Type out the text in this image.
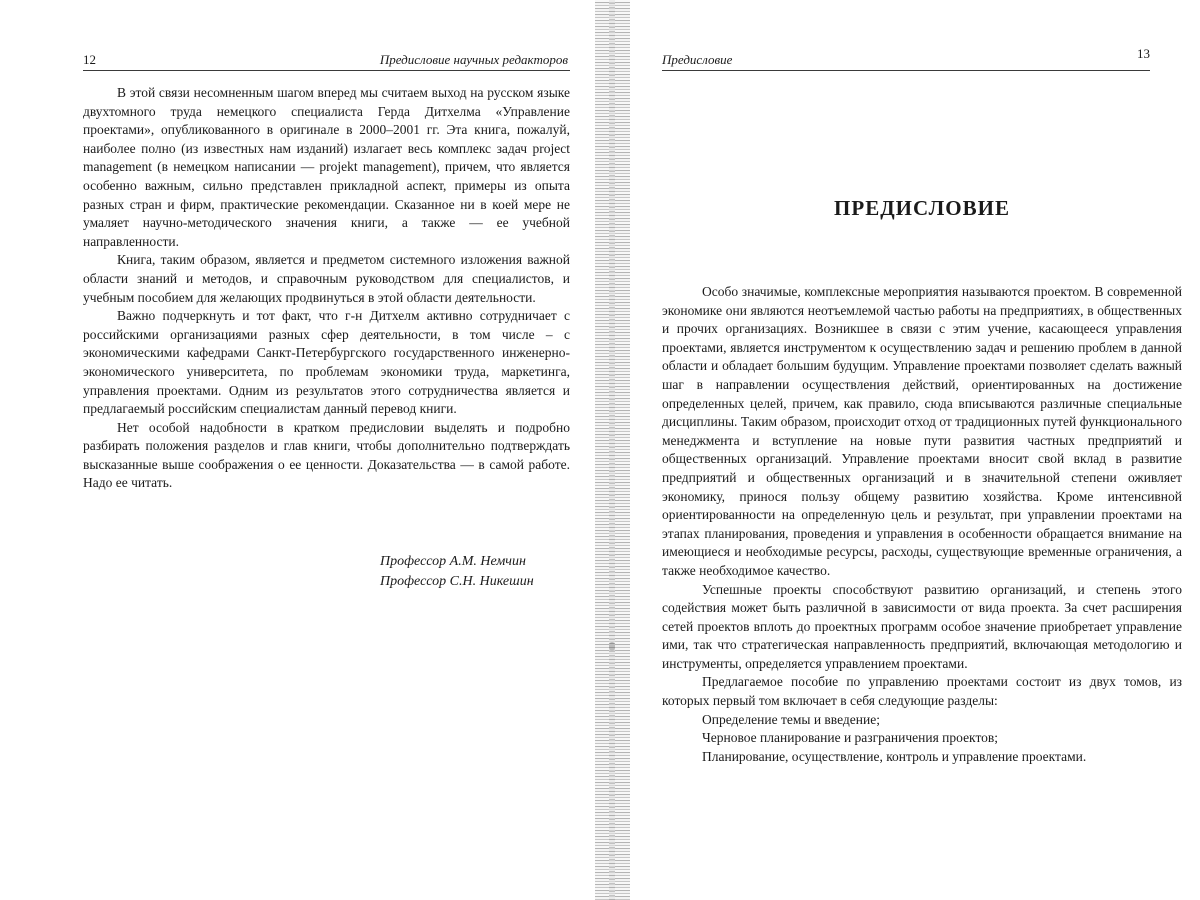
12	Предисловие научных редакторов

В этой связи несомненным шагом вперед мы считаем выход на русском языке двухтомного труда немецкого специалиста Герда Дитхелма «Управление проектами», опубликованного в оригинале в 2000–2001 гг. Эта книга, пожалуй, наиболее полно (из известных нам изданий) излагает весь комплекс задач project management (в немецком написании — projekt management), причем, что является особенно важным, сильно представлен прикладной аспект, примеры из опыта разных стран и фирм, практические рекомендации. Сказанное ни в коей мере не умаляет научно-методического значения книги, а также — ее учебной направленности.

Книга, таким образом, является и предметом системного изложения важной области знаний и методов, и справочным руководством для специалистов, и учебным пособием для желающих продвинуться в этой области деятельности.

Важно подчеркнуть и тот факт, что г-н Дитхелм активно сотрудничает с российскими организациями разных сфер деятельности, в том числе – с экономическими кафедрами Санкт-Петербургского государственного инженерно-экономического университета, по проблемам экономики труда, маркетинга, управления проектами. Одним из результатов этого сотрудничества является и предлагаемый российским специалистам данный перевод книги.

Нет особой надобности в кратком предисловии выделять и подробно разбирать положения разделов и глав книги, чтобы дополнительно подтверждать высказанные выше соображения о ее ценности. Доказательства — в самой работе. Надо ее читать.

Профессор А.М. Немчин
Профессор С.Н. Никешин
Предисловие	13
ПРЕДИСЛОВИЕ

Особо значимые, комплексные мероприятия называются проектом. В современной экономике они являются неотъемлемой частью работы на предприятиях, в общественных и прочих организациях. Возникшее в связи с этим учение, касающееся управления проектами, является инструментом к осуществлению задач и решению проблем в данной области и обладает большим будущим. Управление проектами позволяет сделать важный шаг в направлении осуществления действий, ориентированных на достижение определенных целей, причем, как правило, сюда вписываются различные специальные дисциплины. Таким образом, происходит отход от традиционных путей функционального менеджмента и вступление на новые пути развития частных предприятий и общественных организаций. Управление проектами вносит свой вклад в развитие предприятий и общественных организаций и в значительной степени оживляет экономику, принося пользу общему развитию хозяйства. Кроме интенсивной ориентированности на определенную цель и результат, при управлении проектами на этапах планирования, проведения и управления в особенности обращается внимание на имеющиеся и необходимые ресурсы, расходы, существующие временные ограничения, а также необходимое качество.

Успешные проекты способствуют развитию организаций, и степень этого содействия может быть различной в зависимости от вида проекта. За счет расширения сетей проектов вплоть до проектных программ особое значение приобретает управление ими, так что стратегическая направленность предприятий, включающая методологию и инструменты, определяется управлением проектами.

Предлагаемое пособие по управлению проектами состоит из двух томов, из которых первый том включает в себя следующие разделы:

Определение темы и введение;

Черновое планирование и разграничения проектов;

Планирование, осуществление, контроль и управление проектами.
